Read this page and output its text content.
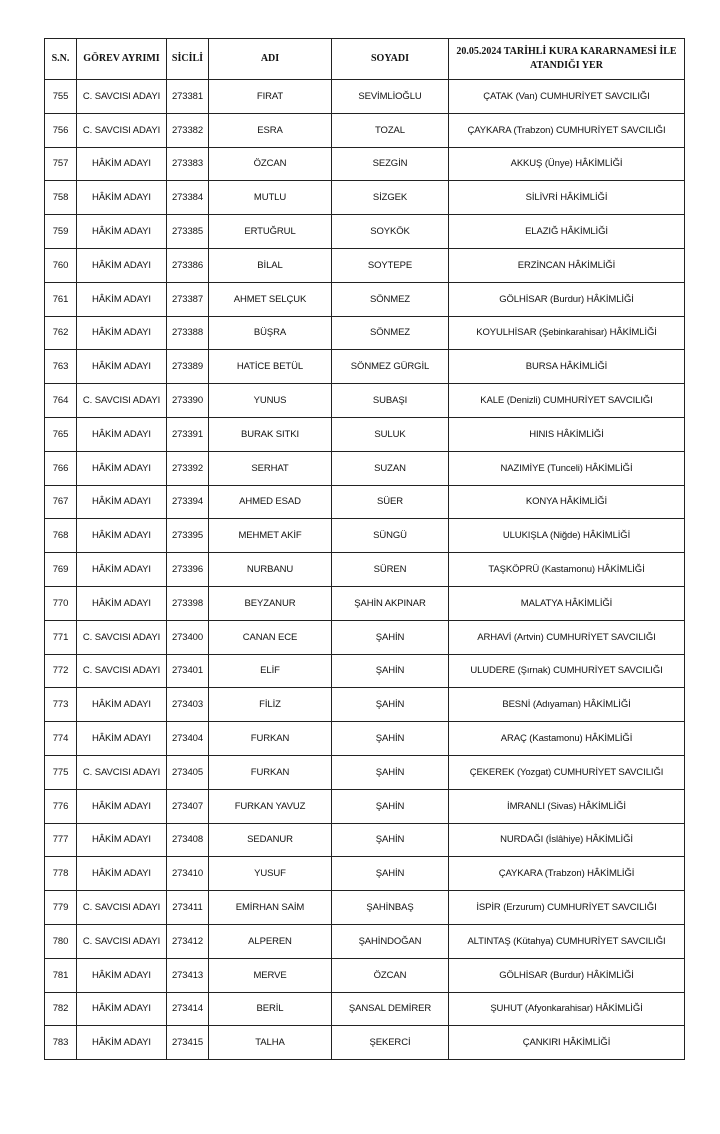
S.N.	GÖREV AYRIMI	SİCİLİ	ADI	SOYADI	20.05.2024 TARİHLİ KURA KARARNAMESİ İLE ATANDIĞI YER
755	C. SAVCISI ADAYI	273381	FIRAT	SEVİMLİOĞLU	ÇATAK (Van) CUMHURİYET SAVCILIĞI
756	C. SAVCISI ADAYI	273382	ESRA	TOZAL	ÇAYKARA (Trabzon) CUMHURİYET SAVCILIĞI
757	HÂKİM ADAYI	273383	ÖZCAN	SEZGİN	AKKUŞ (Ünye) HÂKİMLİĞİ
758	HÂKİM ADAYI	273384	MUTLU	SİZGEK	SİLİVRİ HÂKİMLİĞİ
759	HÂKİM ADAYI	273385	ERTUĞRUL	SOYKÖK	ELAZIĞ HÂKİMLİĞİ
760	HÂKİM ADAYI	273386	BİLAL	SOYTEPE	ERZİNCAN HÂKİMLİĞİ
761	HÂKİM ADAYI	273387	AHMET SELÇUK	SÖNMEZ	GÖLHİSAR (Burdur) HÂKİMLİĞİ
762	HÂKİM ADAYI	273388	BÜŞRA	SÖNMEZ	KOYULHİSAR (Şebinkarahisar) HÂKİMLİĞİ
763	HÂKİM ADAYI	273389	HATİCE BETÜL	SÖNMEZ GÜRGİL	BURSA HÂKİMLİĞİ
764	C. SAVCISI ADAYI	273390	YUNUS	SUBAŞI	KALE (Denizli) CUMHURİYET SAVCILIĞI
765	HÂKİM ADAYI	273391	BURAK SITKI	SULUK	HINIS HÂKİMLİĞİ
766	HÂKİM ADAYI	273392	SERHAT	SUZAN	NAZIMİYE (Tunceli) HÂKİMLİĞİ
767	HÂKİM ADAYI	273394	AHMED ESAD	SÜER	KONYA HÂKİMLİĞİ
768	HÂKİM ADAYI	273395	MEHMET AKİF	SÜNGÜ	ULUKIŞLA (Niğde) HÂKİMLİĞİ
769	HÂKİM ADAYI	273396	NURBANU	SÜREN	TAŞKÖPRÜ (Kastamonu) HÂKİMLİĞİ
770	HÂKİM ADAYI	273398	BEYZANUR	ŞAHİN AKPINAR	MALATYA HÂKİMLİĞİ
771	C. SAVCISI ADAYI	273400	CANAN ECE	ŞAHİN	ARHAVİ (Artvin) CUMHURİYET SAVCILIĞI
772	C. SAVCISI ADAYI	273401	ELİF	ŞAHİN	ULUDERE (Şırnak) CUMHURİYET SAVCILIĞI
773	HÂKİM ADAYI	273403	FİLİZ	ŞAHİN	BESNİ (Adıyaman) HÂKİMLİĞİ
774	HÂKİM ADAYI	273404	FURKAN	ŞAHİN	ARAÇ (Kastamonu) HÂKİMLİĞİ
775	C. SAVCISI ADAYI	273405	FURKAN	ŞAHİN	ÇEKEREK (Yozgat) CUMHURİYET SAVCILIĞI
776	HÂKİM ADAYI	273407	FURKAN YAVUZ	ŞAHİN	İMRANLI (Sivas) HÂKİMLİĞİ
777	HÂKİM ADAYI	273408	SEDANUR	ŞAHİN	NURDAĞI (İslâhiye) HÂKİMLİĞİ
778	HÂKİM ADAYI	273410	YUSUF	ŞAHİN	ÇAYKARA (Trabzon) HÂKİMLİĞİ
779	C. SAVCISI ADAYI	273411	EMİRHAN SAİM	ŞAHİNBAŞ	İSPİR (Erzurum) CUMHURİYET SAVCILIĞI
780	C. SAVCISI ADAYI	273412	ALPEREN	ŞAHİNDOĞAN	ALTINTAŞ (Kütahya) CUMHURİYET SAVCILIĞI
781	HÂKİM ADAYI	273413	MERVE	ÖZCAN	GÖLHİSAR (Burdur) HÂKİMLİĞİ
782	HÂKİM ADAYI	273414	BERİL	ŞANSAL DEMİRER	ŞUHUT (Afyonkarahisar) HÂKİMLİĞİ
783	HÂKİM ADAYI	273415	TALHA	ŞEKERCİ	ÇANKIRI HÂKİMLİĞİ
